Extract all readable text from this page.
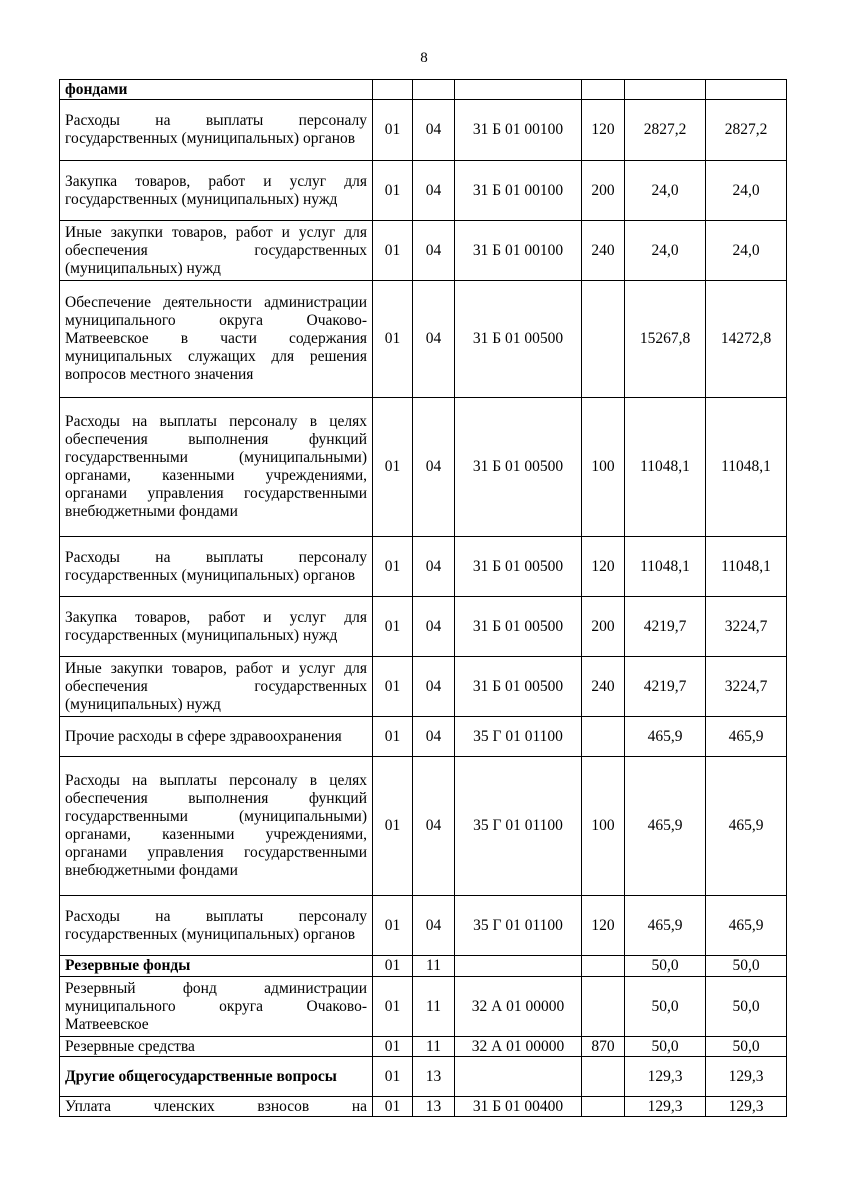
8
фондами						
Расходы на выплаты персоналу государственных (муниципальных) органов	01	04	31 Б 01 00100	120	2827,2	2827,2
Закупка товаров, работ и услуг для государственных (муниципальных) нужд	01	04	31 Б 01 00100	200	24,0	24,0
Иные закупки товаров, работ и услуг для обеспечения государственных (муниципальных) нужд	01	04	31 Б 01 00100	240	24,0	24,0
Обеспечение деятельности администрации муниципального округа Очаково-Матвеевское в части содержания муниципальных служащих для решения вопросов местного значения	01	04	31 Б 01 00500		15267,8	14272,8
Расходы на выплаты персоналу в целях обеспечения выполнения функций государственными (муниципальными) органами, казенными учреждениями, органами управления государственными внебюджетными фондами	01	04	31 Б 01 00500	100	11048,1	11048,1
Расходы на выплаты персоналу государственных (муниципальных) органов	01	04	31 Б 01 00500	120	11048,1	11048,1
Закупка товаров, работ и услуг для государственных (муниципальных) нужд	01	04	31 Б 01 00500	200	4219,7	3224,7
Иные закупки товаров, работ и услуг для обеспечения государственных (муниципальных) нужд	01	04	31 Б 01 00500	240	4219,7	3224,7
Прочие расходы в сфере здравоохранения	01	04	35 Г 01 01100		465,9	465,9
Расходы на выплаты персоналу в целях обеспечения выполнения функций государственными (муниципальными) органами, казенными учреждениями, органами управления государственными внебюджетными фондами	01	04	35 Г 01 01100	100	465,9	465,9
Расходы на выплаты персоналу государственных (муниципальных) органов	01	04	35 Г 01 01100	120	465,9	465,9
Резервные фонды	01	11			50,0	50,0
Резервный фонд администрации муниципального округа Очаково-Матвеевское	01	11	32 А 01 00000		50,0	50,0
Резервные средства	01	11	32 А 01 00000	870	50,0	50,0
Другие общегосударственные вопросы	01	13			129,3	129,3
Уплата членских взносов на	01	13	31 Б 01 00400		129,3	129,3
